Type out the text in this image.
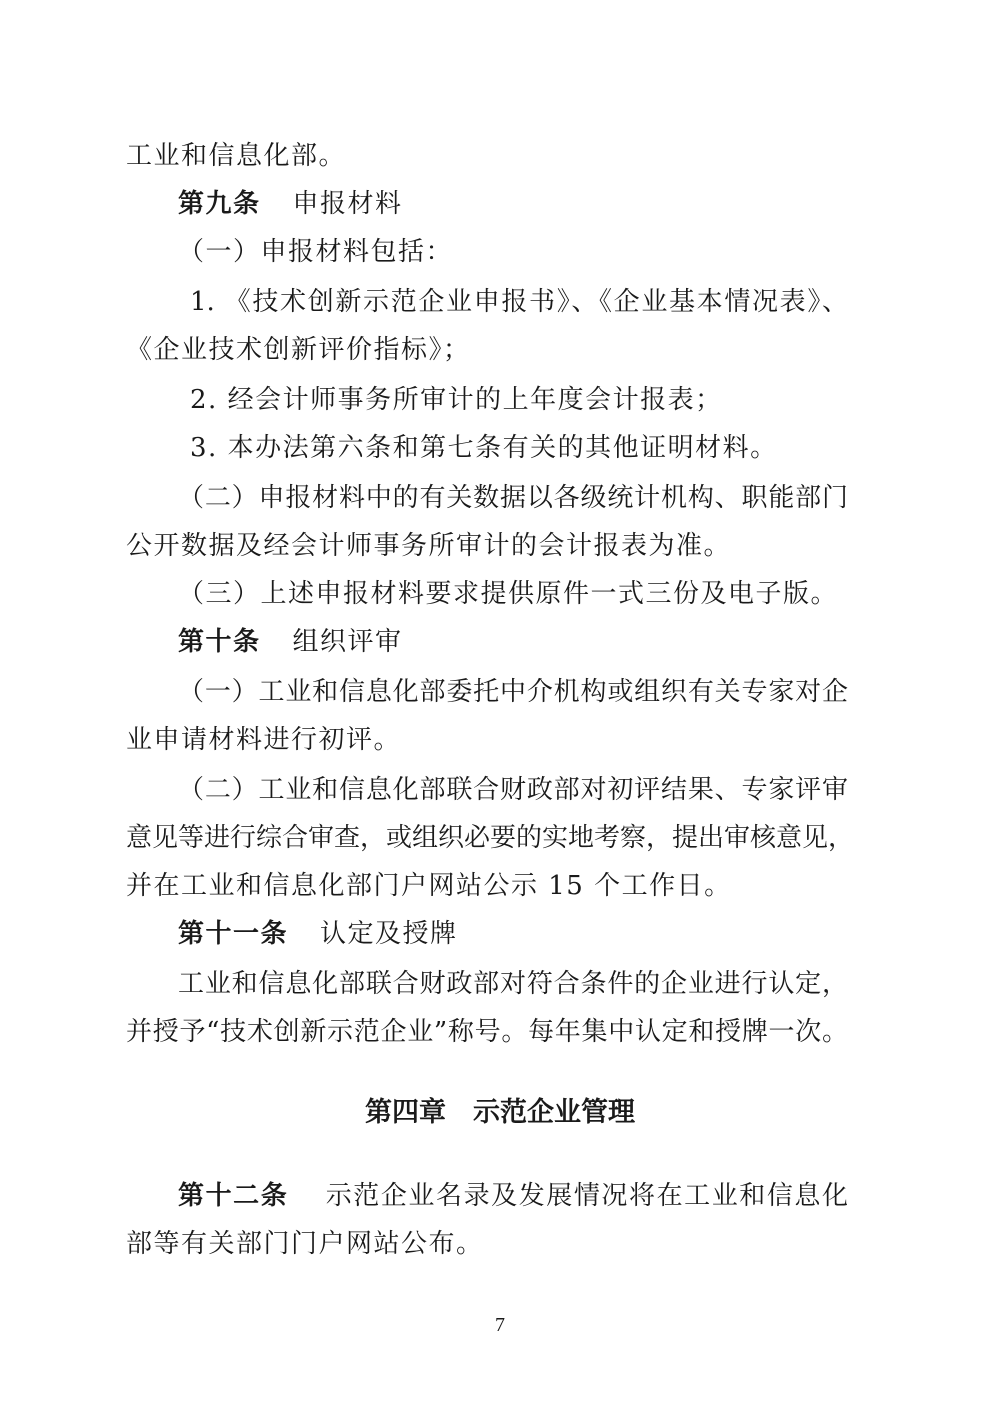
工业和信息化部。
第九条 申报材料
（一）申报材料包括：
1. 《技术创新示范企业申报书》、《企业基本情况表》、
《企业技术创新评价指标》；
2. 经会计师事务所审计的上年度会计报表；
3. 本办法第六条和第七条有关的其他证明材料。
（二）申报材料中的有关数据以各级统计机构、职能部门
公开数据及经会计师事务所审计的会计报表为准。
（三）上述申报材料要求提供原件一式三份及电子版。
第十条 组织评审
（一）工业和信息化部委托中介机构或组织有关专家对企
业申请材料进行初评。
（二）工业和信息化部联合财政部对初评结果、专家评审
意见等进行综合审查，或组织必要的实地考察，提出审核意见，
并在工业和信息化部门户网站公示 15 个工作日。
第十一条 认定及授牌
工业和信息化部联合财政部对符合条件的企业进行认定，
并授予“技术创新示范企业”称号。每年集中认定和授牌一次。
第四章　示范企业管理
第十二条　 示范企业名录及发展情况将在工业和信息化
部等有关部门门户网站公布。
7
